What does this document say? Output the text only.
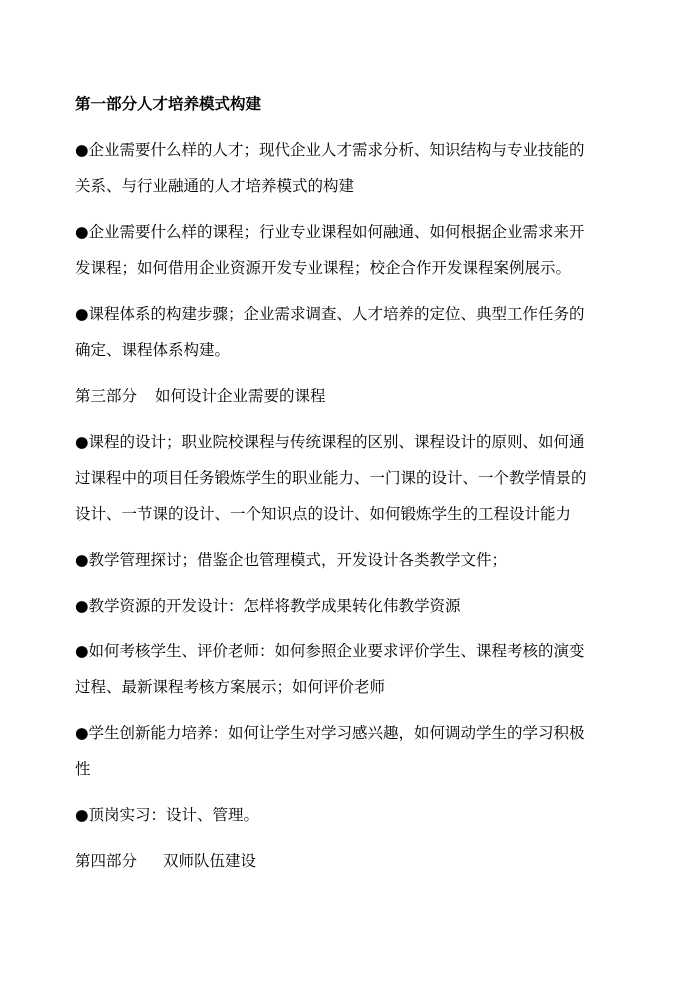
第一部分人才培养模式构建
●企业需要什么样的人才；现代企业人才需求分析、知识结构与专业技能的
关系、与行业融通的人才培养模式的构建
●企业需要什么样的课程；行业专业课程如何融通、如何根据企业需求来开
发课程；如何借用企业资源开发专业课程；校企合作开发课程案例展示。
●课程体系的构建步骤；企业需求调查、人才培养的定位、典型工作任务的
确定、课程体系构建。
第三部分 如何设计企业需要的课程
●课程的设计；职业院校课程与传统课程的区别、课程设计的原则、如何通
过课程中的项目任务锻炼学生的职业能力、一门课的设计、一个教学情景的
设计、一节课的设计、一个知识点的设计、如何锻炼学生的工程设计能力
●教学管理探讨；借鉴企也管理模式，开发设计各类教学文件；
●教学资源的开发设计：怎样将教学成果转化伟教学资源
●如何考核学生、评价老师：如何参照企业要求评价学生、课程考核的演变
过程、最新课程考核方案展示；如何评价老师
●学生创新能力培养：如何让学生对学习感兴趣，如何调动学生的学习积极
性
●顶岗实习：设计、管理。
第四部分 双师队伍建设
